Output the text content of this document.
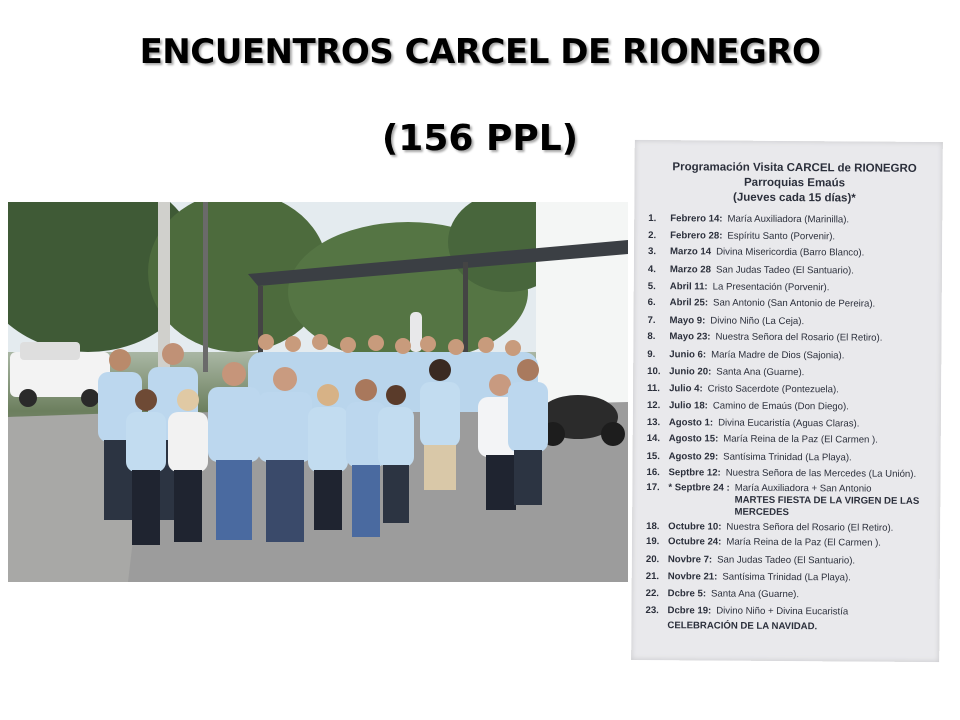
ENCUENTROS CARCEL DE RIONEGRO
(156 PPL)
Programación Visita CARCEL de RIONEGRO
Parroquias Emaús
(Jueves cada 15 días)*
1.	Febrero 14: María Auxiliadora (Marinilla).
2.	Febrero 28: Espíritu Santo (Porvenir).
3.	Marzo 14 Divina Misericordia (Barro Blanco).
4.	Marzo 28 San Judas Tadeo (El Santuario).
5.	Abril 11: La Presentación (Porvenir).
6.	Abril 25: San Antonio (San Antonio de Pereira).
7.	Mayo 9: Divino Niño (La Ceja).
8.	Mayo 23: Nuestra Señora del Rosario (El Retiro).
9.	Junio 6: María Madre de Dios (Sajonia).
10. Junio 20: Santa Ana (Guarne).
11. Julio 4: Cristo Sacerdote (Pontezuela).
12. Julio 18: Camino de Emaús (Don Diego).
13. Agosto 1: Divina Eucaristía (Aguas Claras).
14. Agosto 15: María Reina de la Paz (El Carmen ).
15. Agosto 29: Santísima Trinidad (La Playa).
16. Septbre 12: Nuestra Señora de las Mercedes (La Unión).
17. * Septbre 24 : María Auxiliadora + San Antonio
MARTES FIESTA DE LA VIRGEN DE LAS MERCEDES
18. Octubre 10: Nuestra Señora del Rosario (El Retiro).
19. Octubre 24: María Reina de la Paz (El Carmen ).
20. Novbre 7: San Judas Tadeo (El Santuario).
21. Novbre 21: Santísima Trinidad (La Playa).
22. Dcbre 5: Santa Ana (Guarne).
23. Dcbre 19: Divino Niño + Divina Eucaristía
CELEBRACIÓN DE LA NAVIDAD.
